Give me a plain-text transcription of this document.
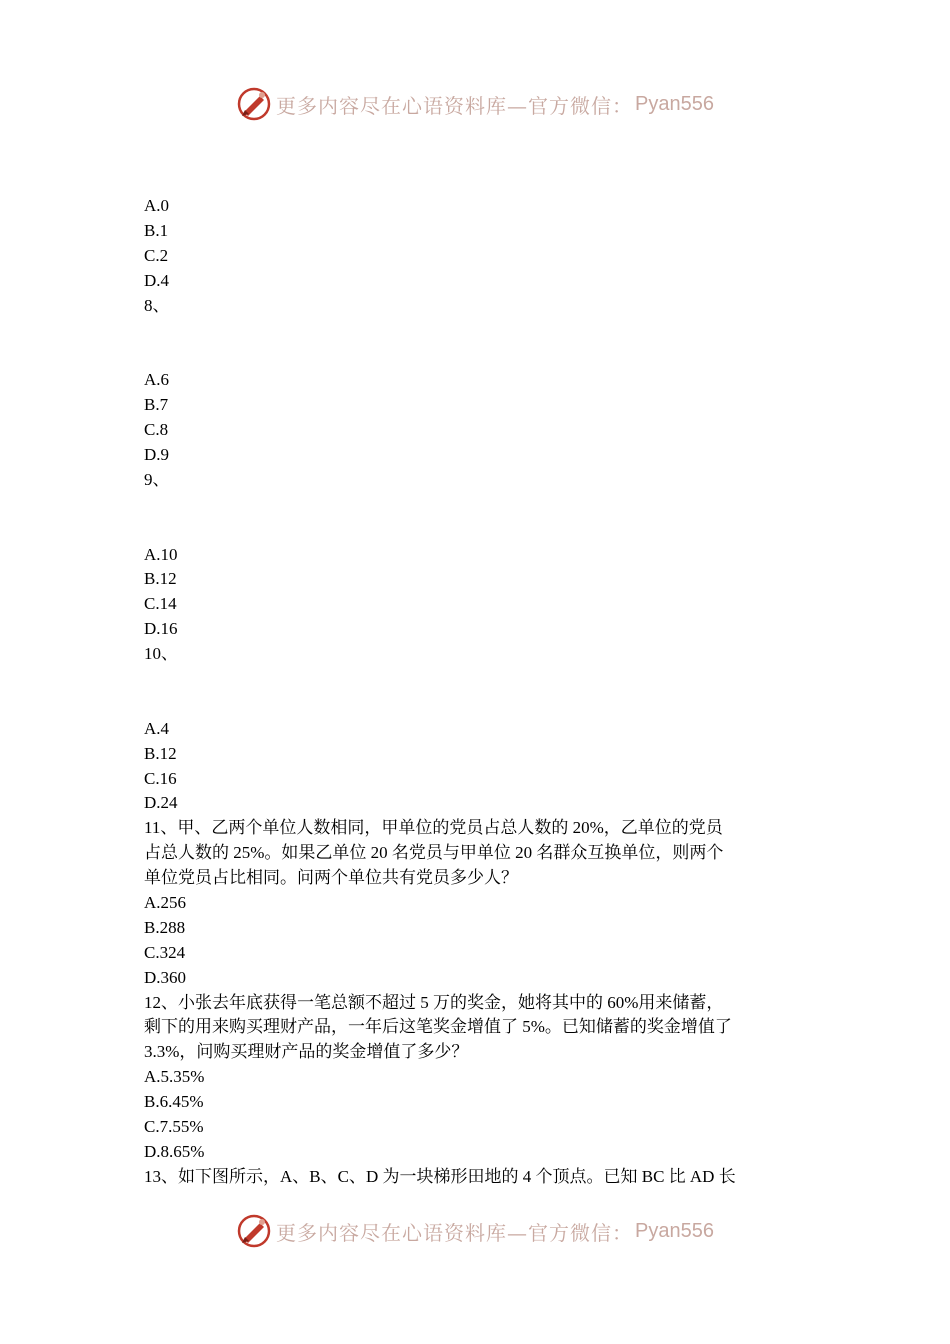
更多内容尽在心语资料库—官方微信： Pyan556
A.0
B.1
C.2
D.4
8、
A.6
B.7
C.8
D.9
9、
A.10
B.12
C.14
D.16
10、
A.4
B.12
C.16
D.24
11、甲、乙两个单位人数相同，甲单位的党员占总人数的 20%，乙单位的党员
占总人数的 25%。如果乙单位 20 名党员与甲单位 20 名群众互换单位，则两个
单位党员占比相同。问两个单位共有党员多少人？
A.256
B.288
C.324
D.360
12、小张去年底获得一笔总额不超过 5 万的奖金，她将其中的 60%用来储蓄，
剩下的用来购买理财产品，一年后这笔奖金增值了 5%。已知储蓄的奖金增值了
3.3%，问购买理财产品的奖金增值了多少？
A.5.35%
B.6.45%
C.7.55%
D.8.65%
13、如下图所示，A、B、C、D 为一块梯形田地的 4 个顶点。已知 BC 比 AD 长
更多内容尽在心语资料库—官方微信： Pyan556
